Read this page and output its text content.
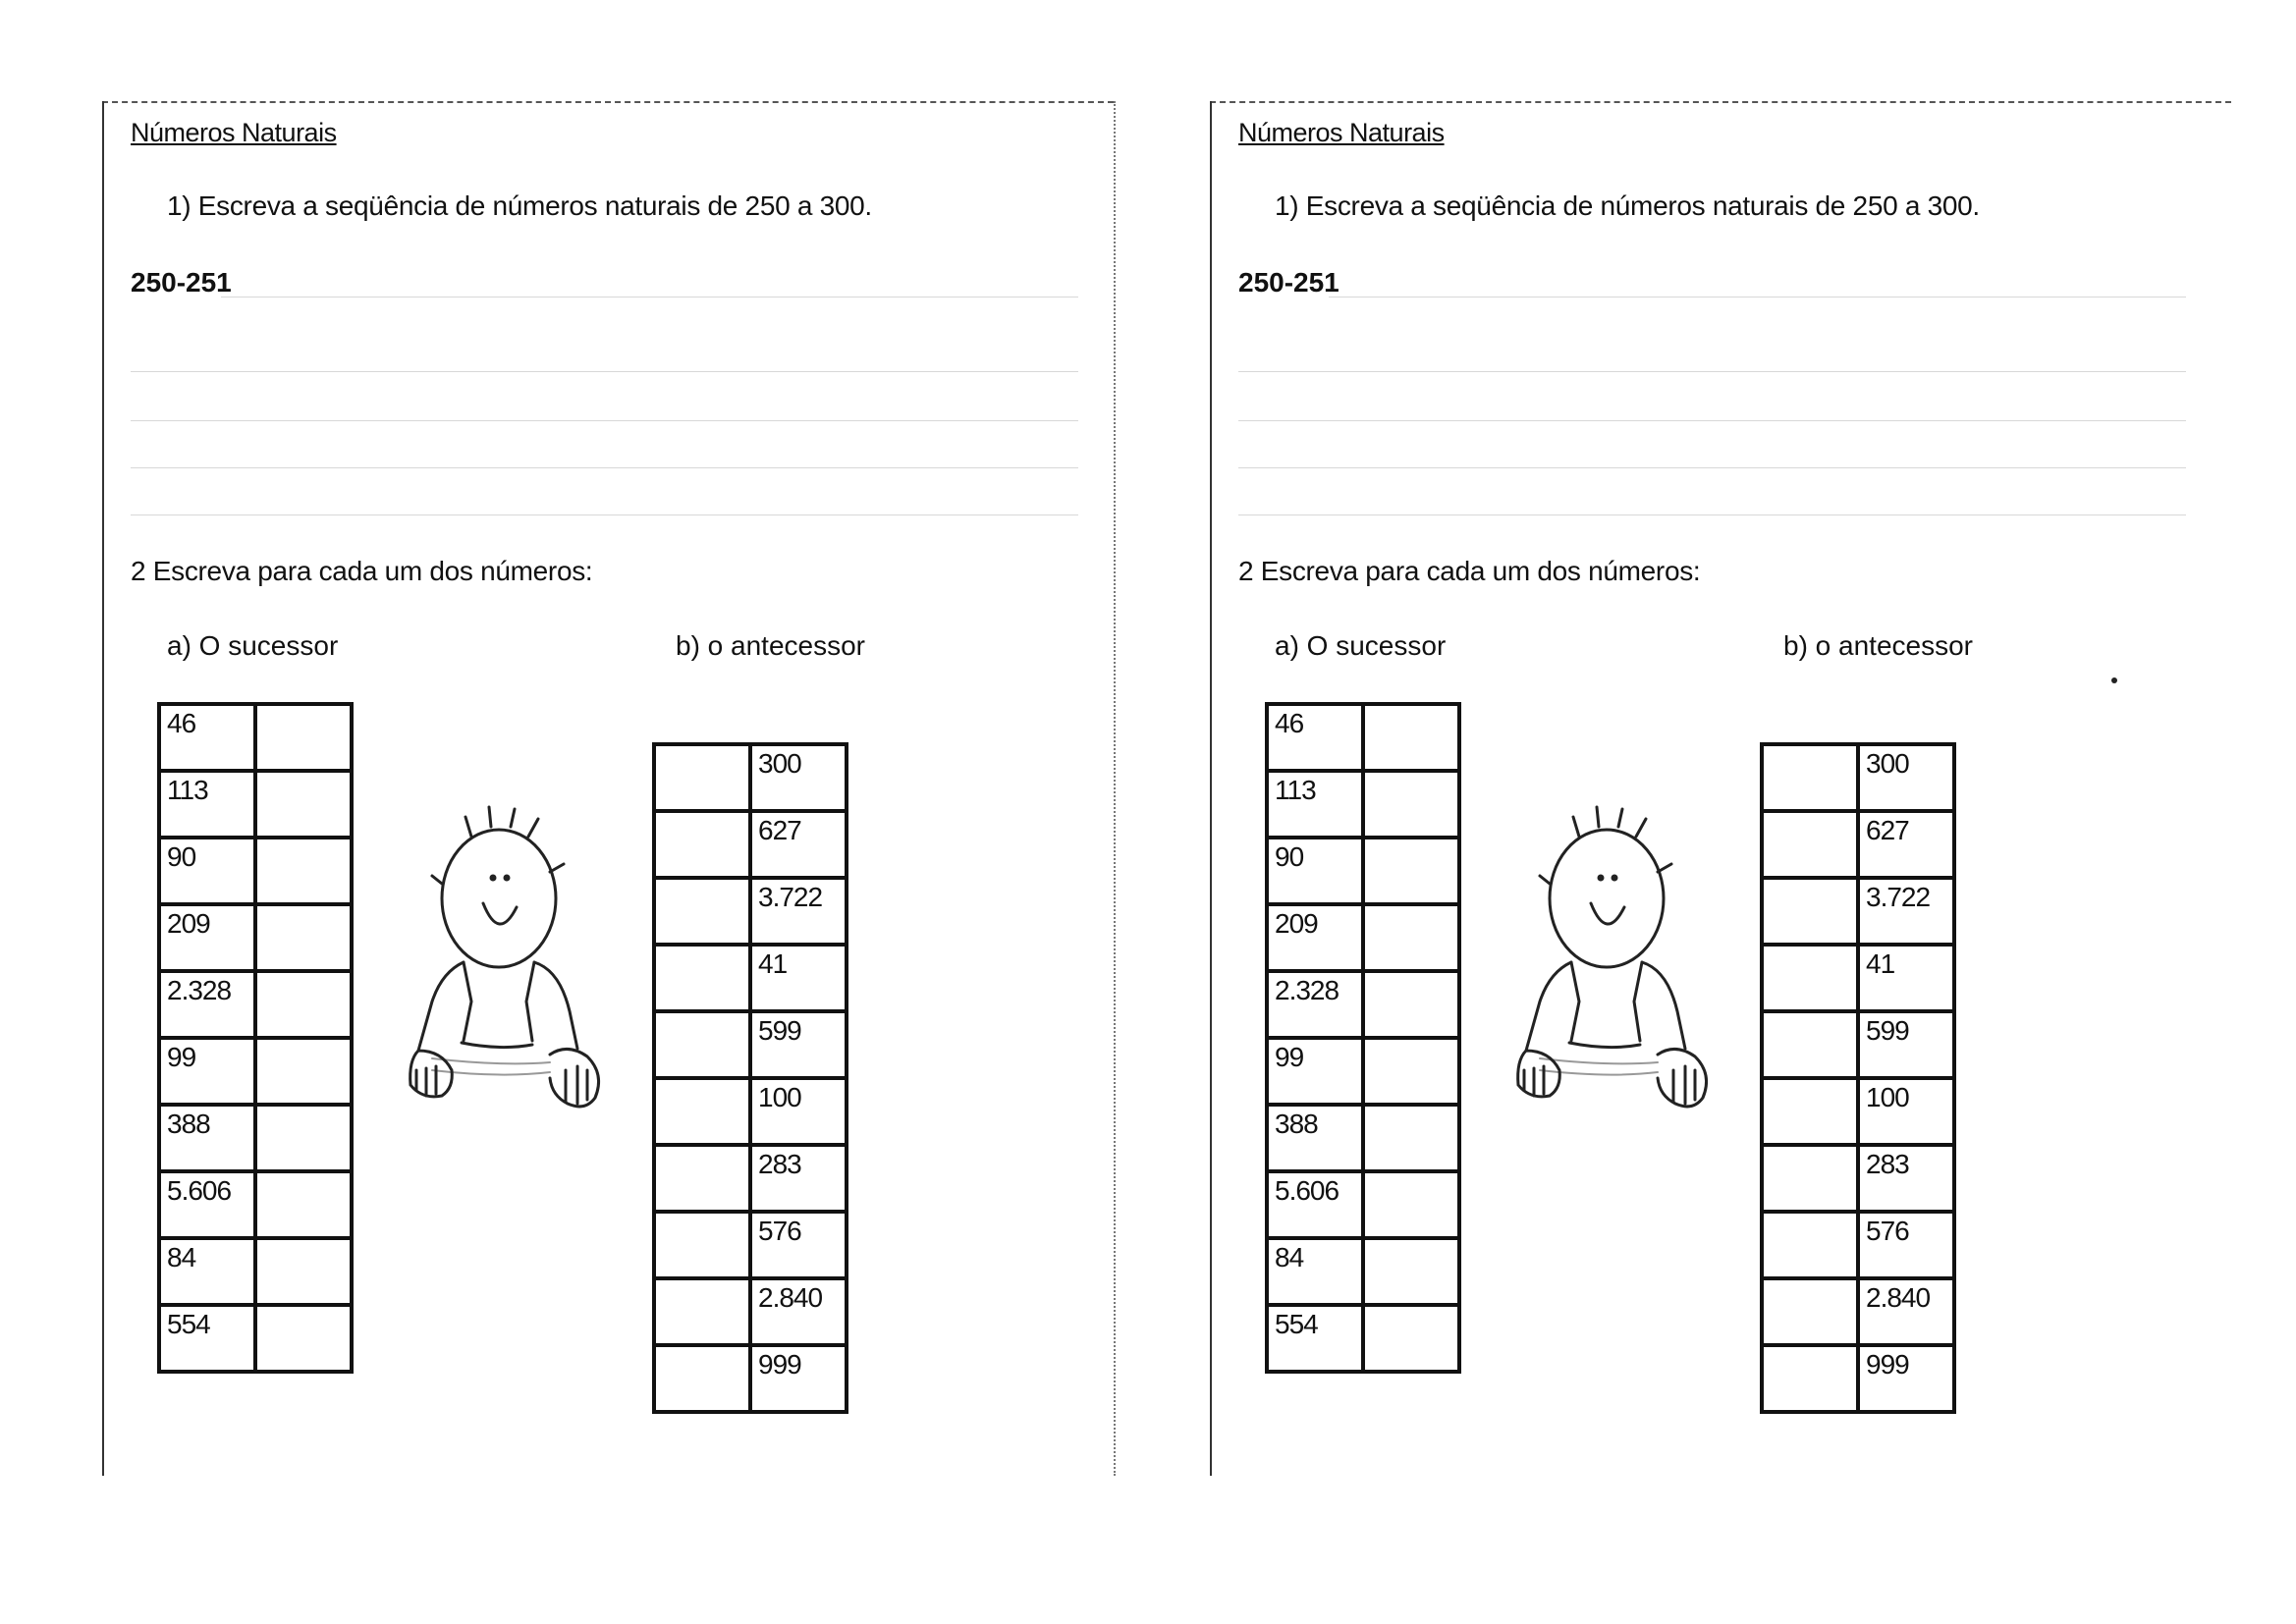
Números Naturais
1) Escreva a seqüência de números naturais de 250 a 300.
250-251
2 Escreva para cada um dos números:
a) O sucessor	b) o antecessor
46	

113	

90	

209	

2.328	

99	

388	

5.606	

84	

554	

	300

	627

	3.722

	41

	599

	100

	283

	576

	2.840

	999
Números Naturais
1) Escreva a seqüência de números naturais de 250 a 300.
250-251
2 Escreva para cada um dos números:
a) O sucessor	b) o antecessor
46	

113	

90	

209	

2.328	

99	

388	

5.606	

84	

554	

	300

	627

	3.722

	41

	599

	100

	283

	576

	2.840

	999
